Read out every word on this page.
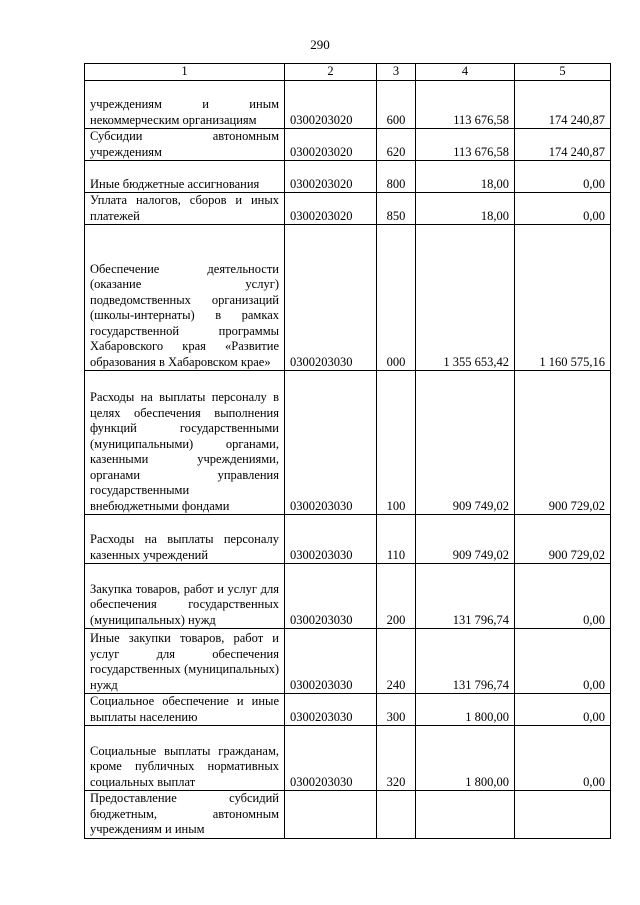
290
1	2	3	4	5
учреждениям и иным некоммерческим организациям	0300203020	600	113 676,58	174 240,87
Субсидии автономным учреждениям	0300203020	620	113 676,58	174 240,87
Иные бюджетные ассигнования	0300203020	800	18,00	0,00
Уплата налогов, сборов и иных платежей	0300203020	850	18,00	0,00
Обеспечение деятельности (оказание услуг) подведомственных организаций (школы-интернаты) в рамках государственной программы Хабаровского края «Развитие образования в Хабаровском крае»	0300203030	000	1 355 653,42	1 160 575,16
Расходы на выплаты персоналу в целях обеспечения выполнения функций государственными (муниципальными) органами, казенными учреждениями, органами управления государственными внебюджетными фондами	0300203030	100	909 749,02	900 729,02
Расходы на выплаты персоналу казенных учреждений	0300203030	110	909 749,02	900 729,02
Закупка товаров, работ и услуг для обеспечения государственных (муниципальных) нужд	0300203030	200	131 796,74	0,00
Иные закупки товаров, работ и услуг для обеспечения государственных (муниципальных) нужд	0300203030	240	131 796,74	0,00
Социальное обеспечение и иные выплаты населению	0300203030	300	1 800,00	0,00
Социальные выплаты гражданам, кроме публичных нормативных социальных выплат	0300203030	320	1 800,00	0,00
Предоставление субсидий бюджетным, автономным учреждениям и иным				
